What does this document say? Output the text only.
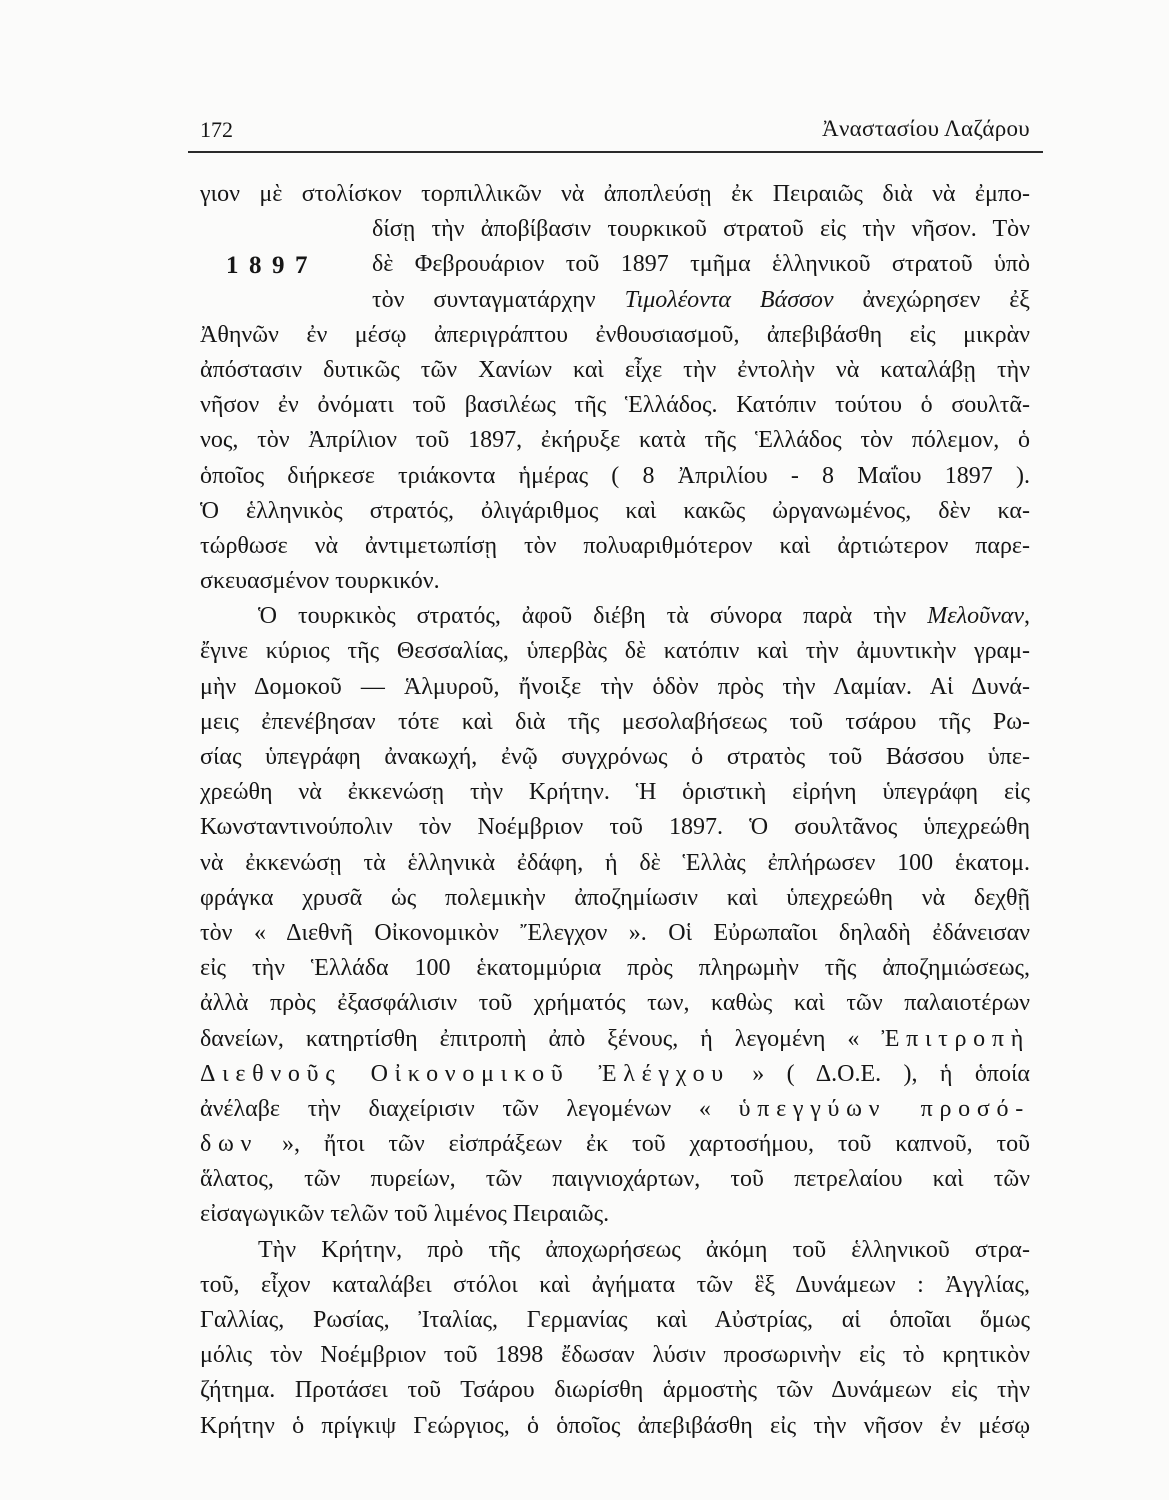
172	Ἀναστασίου Λαζάρου
1897
γιον μὲ στολίσκον τορπιλλικῶν νὰ ἀποπλεύσῃ ἐκ Πειραιῶς διὰ νὰ ἐμπο-
δίσῃ τὴν ἀποβίβασιν τουρκικοῦ στρατοῦ εἰς τὴν νῆσον. Τὸν
δὲ Φεβρουάριον τοῦ 1897 τμῆμα ἑλληνικοῦ στρατοῦ ὑπὸ
τὸν συνταγματάρχην Τιμολέοντα Βάσσον ἀνεχώρησεν ἐξ
Ἀθηνῶν ἐν μέσῳ ἀπεριγράπτου ἐνθουσιασμοῦ, ἀπεβιβάσθη εἰς μικρὰν
ἀπόστασιν δυτικῶς τῶν Χανίων καὶ εἶχε τὴν ἐντολὴν νὰ καταλάβῃ τὴν
νῆσον ἐν ὀνόματι τοῦ βασιλέως τῆς Ἑλλάδος. Κατόπιν τούτου ὁ σουλτᾶ-
νος, τὸν Ἀπρίλιον τοῦ 1897, ἐκήρυξε κατὰ τῆς Ἑλλάδος τὸν πόλεμον, ὁ
ὁποῖος διήρκεσε τριάκοντα ἡμέρας ( 8 Ἀπριλίου - 8 Μαΐου 1897 ).
Ὁ ἑλληνικὸς στρατός, ὀλιγάριθμος καὶ κακῶς ὠργανωμένος, δὲν κα-
τώρθωσε νὰ ἀντιμετωπίσῃ τὸν πολυαριθμότερον καὶ ἀρτιώτερον παρε-
σκευασμένον τουρκικόν.
Ὁ τουρκικὸς στρατός, ἀφοῦ διέβη τὰ σύνορα παρὰ τὴν Μελοῦναν,
ἔγινε κύριος τῆς Θεσσαλίας, ὑπερβὰς δὲ κατόπιν καὶ τὴν ἀμυντικὴν γραμ-
μὴν Δομοκοῦ — Ἁλμυροῦ, ἤνοιξε τὴν ὁδὸν πρὸς τὴν Λαμίαν. Αἱ Δυνά-
μεις ἐπενέβησαν τότε καὶ διὰ τῆς μεσολαβήσεως τοῦ τσάρου τῆς Ρω-
σίας ὑπεγράφη ἀνακωχή, ἐνῷ συγχρόνως ὁ στρατὸς τοῦ Βάσσου ὑπε-
χρεώθη νὰ ἐκκενώσῃ τὴν Κρήτην. Ἡ ὁριστικὴ εἰρήνη ὑπεγράφη εἰς
Κωνσταντινούπολιν τὸν Νοέμβριον τοῦ 1897. Ὁ σουλτᾶνος ὑπεχρεώθη
νὰ ἐκκενώσῃ τὰ ἑλληνικὰ ἐδάφη, ἡ δὲ Ἑλλὰς ἐπλήρωσεν 100 ἑκατομ.
φράγκα χρυσᾶ ὡς πολεμικὴν ἀποζημίωσιν καὶ ὑπεχρεώθη νὰ δεχθῇ
τὸν « Διεθνῆ Οἰκονομικὸν Ἔλεγχον ». Οἱ Εὐρωπαῖοι δηλαδὴ ἐδάνεισαν
εἰς τὴν Ἑλλάδα 100 ἑκατομμύρια πρὸς πληρωμὴν τῆς ἀποζημιώσεως,
ἀλλὰ πρὸς ἐξασφάλισιν τοῦ χρήματός των, καθὼς καὶ τῶν παλαιοτέρων
δανείων, κατηρτίσθη ἐπιτροπὴ ἀπὸ ξένους, ἡ λεγομένη « Ἐπιτροπὴ
Διεθνοῦς Οἰκονομικοῦ Ἐλέγχου » ( Δ.Ο.Ε. ), ἡ ὁποία
ἀνέλαβε τὴν διαχείρισιν τῶν λεγομένων « ὑπεγγύων προσό-
δων », ἤτοι τῶν εἰσπράξεων ἐκ τοῦ χαρτοσήμου, τοῦ καπνοῦ, τοῦ
ἅλατος, τῶν πυρείων, τῶν παιγνιοχάρτων, τοῦ πετρελαίου καὶ τῶν
εἰσαγωγικῶν τελῶν τοῦ λιμένος Πειραιῶς.
Τὴν Κρήτην, πρὸ τῆς ἀποχωρήσεως ἀκόμη τοῦ ἑλληνικοῦ στρα-
τοῦ, εἶχον καταλάβει στόλοι καὶ ἀγήματα τῶν ἓξ Δυνάμεων : Ἀγγλίας,
Γαλλίας, Ρωσίας, Ἰταλίας, Γερμανίας καὶ Αὐστρίας, αἱ ὁποῖαι ὅμως
μόλις τὸν Νοέμβριον τοῦ 1898 ἔδωσαν λύσιν προσωρινὴν εἰς τὸ κρητικὸν
ζήτημα. Προτάσει τοῦ Τσάρου διωρίσθη ἁρμοστὴς τῶν Δυνάμεων εἰς τὴν
Κρήτην ὁ πρίγκιψ Γεώργιος, ὁ ὁποῖος ἀπεβιβάσθη εἰς τὴν νῆσον ἐν μέσῳ
